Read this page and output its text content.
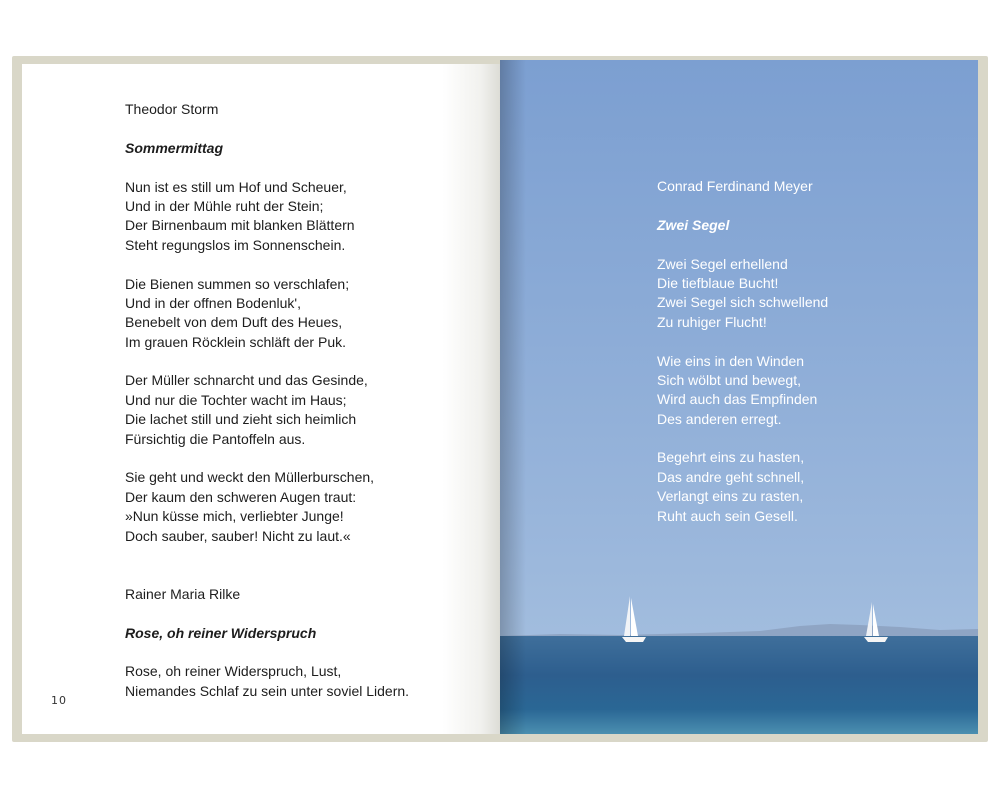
Theodor Storm
Sommermittag
Nun ist es still um Hof und Scheuer,
Und in der Mühle ruht der Stein;
Der Birnenbaum mit blanken Blättern
Steht regungslos im Sonnenschein.
Die Bienen summen so verschlafen;
Und in der offnen Bodenluk',
Benebelt von dem Duft des Heues,
Im grauen Röcklein schläft der Puk.
Der Müller schnarcht und das Gesinde,
Und nur die Tochter wacht im Haus;
Die lachet still und zieht sich heimlich
Fürsichtig die Pantoffeln aus.
Sie geht und weckt den Müllerburschen,
Der kaum den schweren Augen traut:
»Nun küsse mich, verliebter Junge!
Doch sauber, sauber! Nicht zu laut.«
Rainer Maria Rilke
Rose, oh reiner Widerspruch
Rose, oh reiner Widerspruch, Lust,
Niemandes Schlaf zu sein unter soviel Lidern.
10
Conrad Ferdinand Meyer
Zwei Segel
Zwei Segel erhellend
Die tiefblaue Bucht!
Zwei Segel sich schwellend
Zu ruhiger Flucht!
Wie eins in den Winden
Sich wölbt und bewegt,
Wird auch das Empfinden
Des anderen erregt.
Begehrt eins zu hasten,
Das andre geht schnell,
Verlangt eins zu rasten,
Ruht auch sein Gesell.
